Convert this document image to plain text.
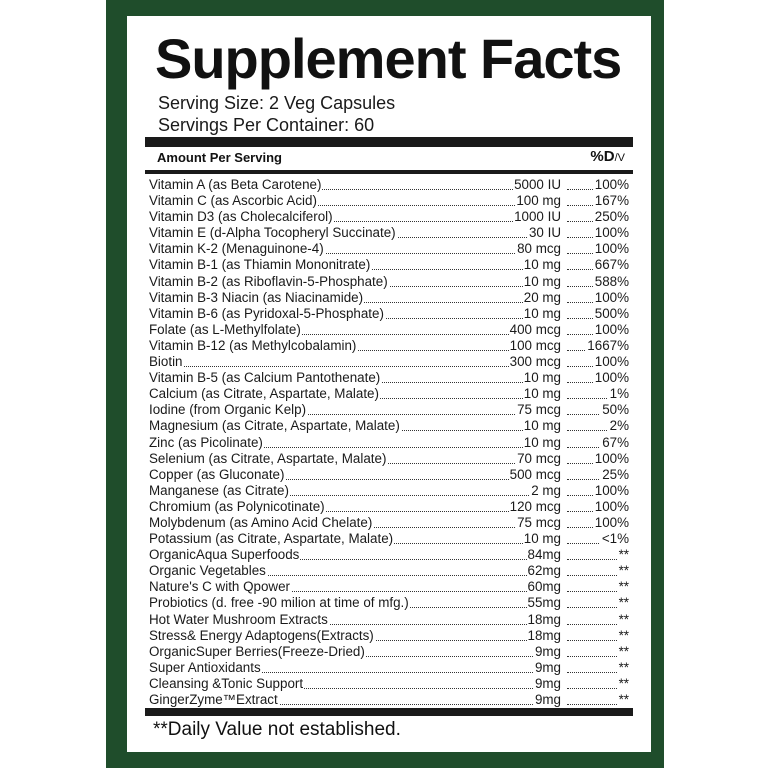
Supplement Facts
Serving Size: 2 Veg Capsules
Servings Per Container: 60
Amount Per Serving	%D/V
Vitamin A (as Beta Carotene)	5000 IU	100%
Vitamin C (as Ascorbic Acid)	100 mg	167%
Vitamin D3 (as Cholecalciferol)	1000 IU	250%
Vitamin E (d-Alpha Tocopheryl Succinate)	30 IU	100%
Vitamin K-2 (Menaguinone-4)	80 mcg	100%
Vitamin B-1 (as Thiamin Mononitrate)	10 mg	667%
Vitamin B-2 (as Riboflavin-5-Phosphate)	10 mg	588%
Vitamin B-3 Niacin (as Niacinamide)	20 mg	100%
Vitamin B-6 (as Pyridoxal-5-Phosphate)	10 mg	500%
Folate (as L-Methylfolate)	400 mcg	100%
Vitamin B-12 (as Methylcobalamin)	100 mcg	1667%
Biotin	300 mcg	100%
Vitamin B-5 (as Calcium Pantothenate)	10 mg	100%
Calcium (as Citrate, Aspartate, Malate)	10 mg	1%
Iodine (from Organic Kelp)	75 mcg	50%
Magnesium (as Citrate, Aspartate, Malate)	10 mg	2%
Zinc (as Picolinate)	10 mg	67%
Selenium (as Citrate, Aspartate, Malate)	70 mcg	100%
Copper (as Gluconate)	500 mcg	25%
Manganese (as Citrate)	2 mg	100%
Chromium (as Polynicotinate)	120 mcg	100%
Molybdenum (as Amino Acid Chelate)	75 mcg	100%
Potassium (as Citrate, Aspartate, Malate)	10 mg	<1%
OrganicAqua Superfoods	84mg	**
Organic Vegetables	62mg	**
Nature's C with Qpower	60mg	**
Probiotics (d. free -90 milion at time of mfg.)	55mg	**
Hot Water Mushroom Extracts	18mg	**
Stress& Energy Adaptogens(Extracts)	18mg	**
OrganicSuper Berries(Freeze-Dried)	9mg	**
Super Antioxidants	9mg	**
Cleansing &Tonic Support	9mg	**
GingerZyme™Extract	9mg	**
**Daily Value not established.
